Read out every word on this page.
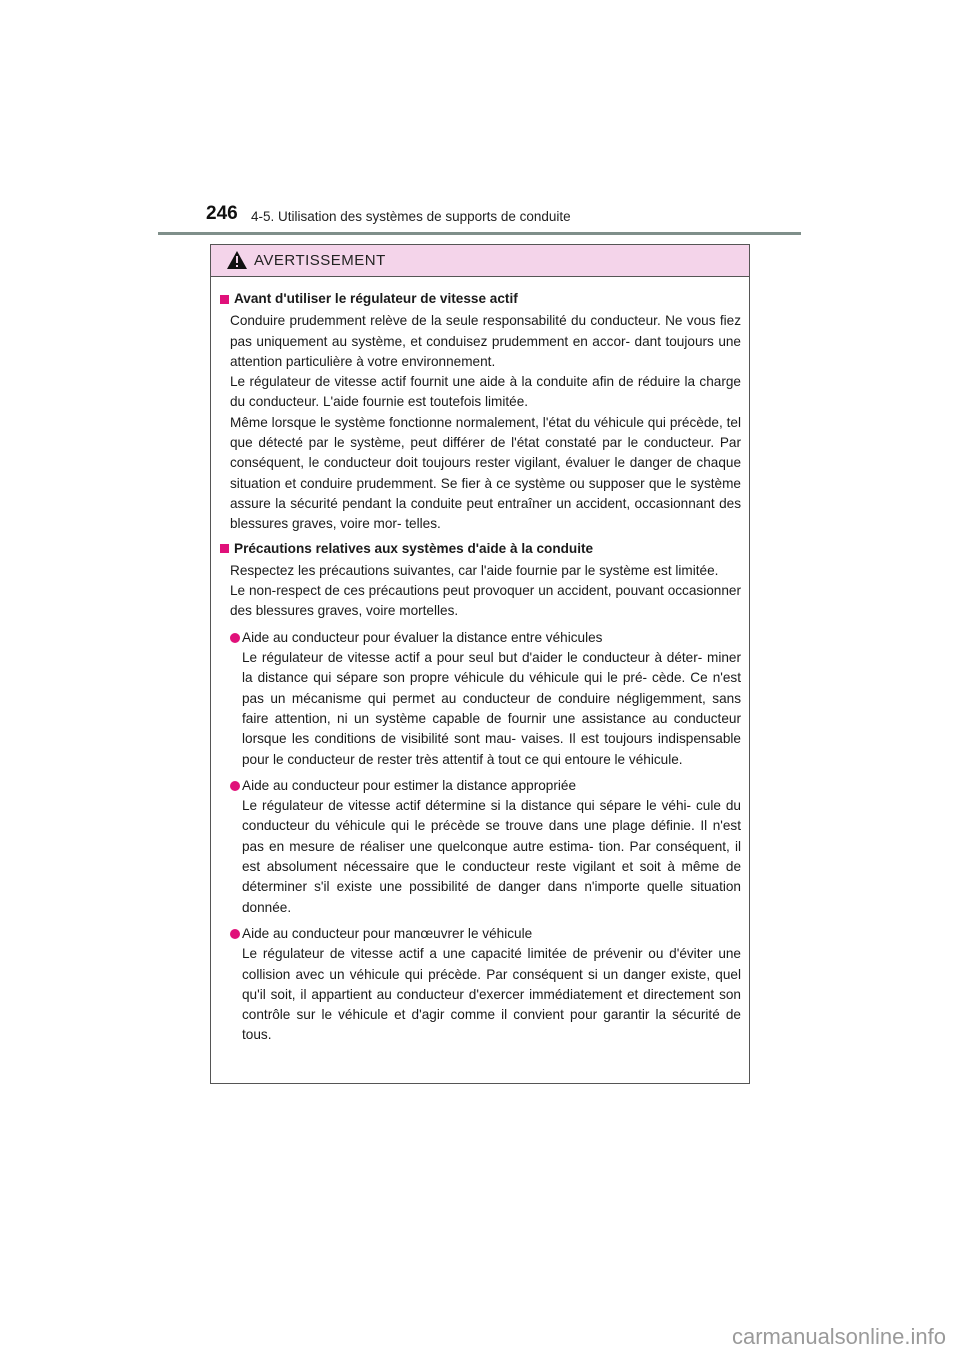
246 4-5. Utilisation des systèmes de supports de conduite
AVERTISSEMENT
Avant d'utiliser le régulateur de vitesse actif
Conduire prudemment relève de la seule responsabilité du conducteur. Ne vous fiez pas uniquement au système, et conduisez prudemment en accor- dant toujours une attention particulière à votre environnement.
Le régulateur de vitesse actif fournit une aide à la conduite afin de réduire la charge du conducteur. L'aide fournie est toutefois limitée.
Même lorsque le système fonctionne normalement, l'état du véhicule qui précède, tel que détecté par le système, peut différer de l'état constaté par le conducteur. Par conséquent, le conducteur doit toujours rester vigilant, évaluer le danger de chaque situation et conduire prudemment. Se fier à ce système ou supposer que le système assure la sécurité pendant la conduite peut entraîner un accident, occasionnant des blessures graves, voire mor- telles.
Précautions relatives aux systèmes d'aide à la conduite
Respectez les précautions suivantes, car l'aide fournie par le système est limitée.
Le non-respect de ces précautions peut provoquer un accident, pouvant occasionner des blessures graves, voire mortelles.
Aide au conducteur pour évaluer la distance entre véhicules
Le régulateur de vitesse actif a pour seul but d'aider le conducteur à déter- miner la distance qui sépare son propre véhicule du véhicule qui le pré- cède. Ce n'est pas un mécanisme qui permet au conducteur de conduire négligemment, sans faire attention, ni un système capable de fournir une assistance au conducteur lorsque les conditions de visibilité sont mau- vaises. Il est toujours indispensable pour le conducteur de rester très attentif à tout ce qui entoure le véhicule.
Aide au conducteur pour estimer la distance appropriée
Le régulateur de vitesse actif détermine si la distance qui sépare le véhi- cule du conducteur du véhicule qui le précède se trouve dans une plage définie. Il n'est pas en mesure de réaliser une quelconque autre estima- tion. Par conséquent, il est absolument nécessaire que le conducteur reste vigilant et soit à même de déterminer s'il existe une possibilité de danger dans n'importe quelle situation donnée.
Aide au conducteur pour manœuvrer le véhicule
Le régulateur de vitesse actif a une capacité limitée de prévenir ou d'éviter une collision avec un véhicule qui précède. Par conséquent si un danger existe, quel qu'il soit, il appartient au conducteur d'exercer immédiatement et directement son contrôle sur le véhicule et d'agir comme il convient pour garantir la sécurité de tous.
carmanualsonline.info
